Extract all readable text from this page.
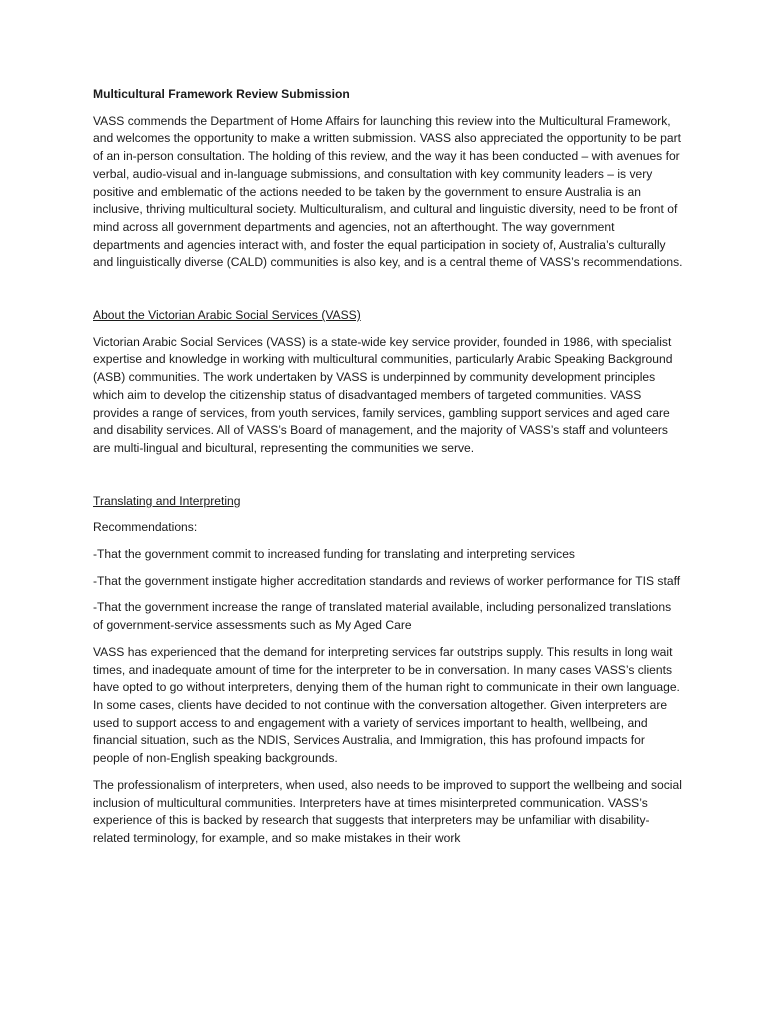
Multicultural Framework Review Submission

VASS commends the Department of Home Affairs for launching this review into the Multicultural Framework, and welcomes the opportunity to make a written submission. VASS also appreciated the opportunity to be part of an in-person consultation. The holding of this review, and the way it has been conducted – with avenues for verbal, audio-visual and in-language submissions, and consultation with key community leaders – is very positive and emblematic of the actions needed to be taken by the government to ensure Australia is an inclusive, thriving multicultural society. Multiculturalism, and cultural and linguistic diversity, need to be front of mind across all government departments and agencies, not an afterthought. The way government departments and agencies interact with, and foster the equal participation in society of, Australia’s culturally and linguistically diverse (CALD) communities is also key, and is a central theme of VASS’s recommendations.

About the Victorian Arabic Social Services (VASS)

Victorian Arabic Social Services (VASS) is a state-wide key service provider, founded in 1986, with specialist expertise and knowledge in working with multicultural communities, particularly Arabic Speaking Background (ASB) communities. The work undertaken by VASS is underpinned by community development principles which aim to develop the citizenship status of disadvantaged members of targeted communities. VASS provides a range of services, from youth services, family services, gambling support services and aged care and disability services. All of VASS’s Board of management, and the majority of VASS’s staff and volunteers are multi-lingual and bicultural, representing the communities we serve.

Translating and Interpreting

Recommendations:

-That the government commit to increased funding for translating and interpreting services

-That the government instigate higher accreditation standards and reviews of worker performance for TIS staff

-That the government increase the range of translated material available, including personalized translations of government-service assessments such as My Aged Care

VASS has experienced that the demand for interpreting services far outstrips supply. This results in long wait times, and inadequate amount of time for the interpreter to be in conversation. In many cases VASS’s clients have opted to go without interpreters, denying them of the human right to communicate in their own language. In some cases, clients have decided to not continue with the conversation altogether. Given interpreters are used to support access to and engagement with a variety of services important to health, wellbeing, and financial situation, such as the NDIS, Services Australia, and Immigration, this has profound impacts for people of non-English speaking backgrounds.

The professionalism of interpreters, when used, also needs to be improved to support the wellbeing and social inclusion of multicultural communities. Interpreters have at times misinterpreted communication. VASS’s experience of this is backed by research that suggests that interpreters may be unfamiliar with disability-related terminology, for example, and so make mistakes in their work
